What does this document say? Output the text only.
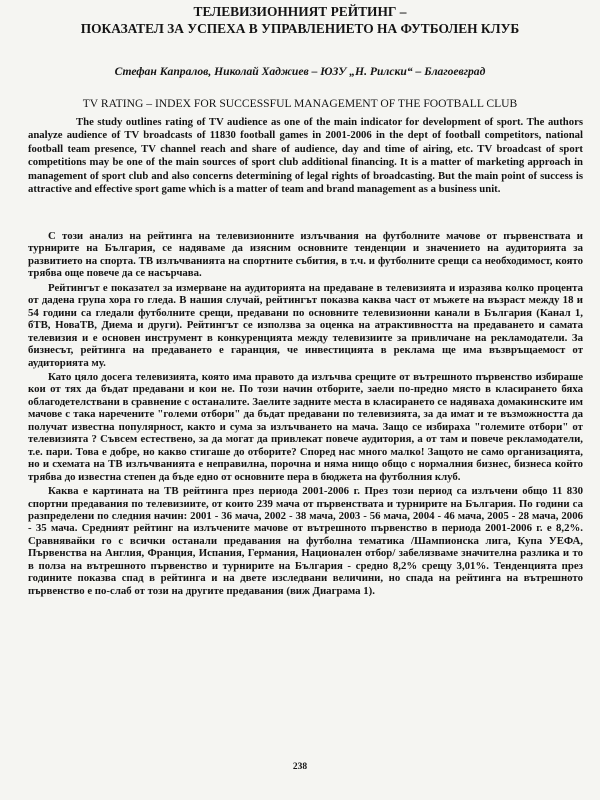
ТЕЛЕВИЗИОННИЯТ РЕЙТИНГ –
ПОКАЗАТЕЛ ЗА УСПЕХА В УПРАВЛЕНИЕТО НА ФУТБОЛЕН КЛУБ
Стефан Капралов, Николай Хаджиев – ЮЗУ „Н. Рилски“ – Благоевград
TV RATING – INDEX FOR SUCCESSFUL MANAGEMENT OF THE FOOTBALL CLUB

The study outlines rating of TV audience as one of the main indicator for development of sport. The authors analyze audience of TV broadcasts of 11830 football games in 2001-2006 in the dept of football competitors, national football team presence, TV channel reach and share of audience, day and time of airing, etc. TV broadcast of sport competitions may be one of the main sources of sport club additional financing. It is a matter of marketing approach in management of sport club and also concerns determining of legal rights of broadcasting. But the main point of success is attractive and effective sport game which is a matter of team and brand management as a business unit.

С този анализ на рейтинга на телевизионните излъчвания на футболните мачове от първенствата и турнирите на България, се надяваме да изясним основните тенденции и значението на аудиторията за развитието на спорта. ТВ излъчванията на спортните събития, в т.ч. и футболните срещи са необходимост, която трябва още повече да се насърчава.

Рейтингът е показател за измерване на аудиторията на предаване в телевизията и изразява колко процента от дадена група хора го гледа. В нашия случай, рейтингът показва каква част от мъжете на възраст между 18 и 54 години са гледали футболните срещи, предавани по основните телевизионни канали в България (Канал 1, бТВ, НоваТВ, Диема и други). Рейтингът се използва за оценка на атрактивността на предаването и самата телевизия и е основен инструмент в конкуренцията между телевизиите за привличане на рекламодатели. За бизнесът, рейтинга на предаването е гаранция, че инвестицията в реклама ще има възвръщаемост от аудиторията му.

Като цяло досега телевизията, която има правото да излъчва срещите от вътрешното първенство избираше кои от тях да бъдат предавани и кои не. По този начин отборите, заели по-предно място в класирането бяха облагодетелствани в сравнение с останалите. Заелите задните места в класирането се надяваха домакинските им мачове с така наречените "големи отбори" да бъдат предавани по телевизията, за да имат и те възможността да получат известна популярност, както и сума за излъчването на мача. Защо се избираха "големите отбори" от телевизията ? Съвсем естествено, за да могат да привлекат повече аудитория, а от там и повече рекламодатели, т.е. пари. Това е добре, но какво стигаше до отборите? Според нас много малко! Защото не само организацията, но и схемата на ТВ излъчванията е неправилна, порочна и няма нищо общо с нормалния бизнес, бизнеса който трябва до известна степен да бъде едно от основните пера в бюджета на футболния клуб.

Каква е картината на ТВ рейтинга през периода 2001-2006 г. През този период са излъчени общо 11 830 спортни предавания по телевизиите, от които 239 мача от първенствата и турнирите на България. По години са разпределени по следния начин: 2001 - 36 мача, 2002 - 38 мача, 2003 - 56 мача, 2004 - 46 мача, 2005 - 28 мача, 2006 - 35 мача. Средният рейтинг на излъчените мачове от вътрешното първенство в периода 2001-2006 г. е 8,2%. Сравнявайки го с всички останали предавания на футболна тематика /Шампионска лига, Купа УЕФА, Първенства на Англия, Франция, Испания, Германия, Национален отбор/ забелязваме значителна разлика и то в полза на вътрешното първенство и турнирите на България - средно 8,2% срещу 3,01%. Тенденцията през годините показва спад в рейтинга и на двете изследвани величини, но спада на рейтинга на вътрешното първенство е по-слаб от този на другите предавания (виж Диаграма 1).

238
